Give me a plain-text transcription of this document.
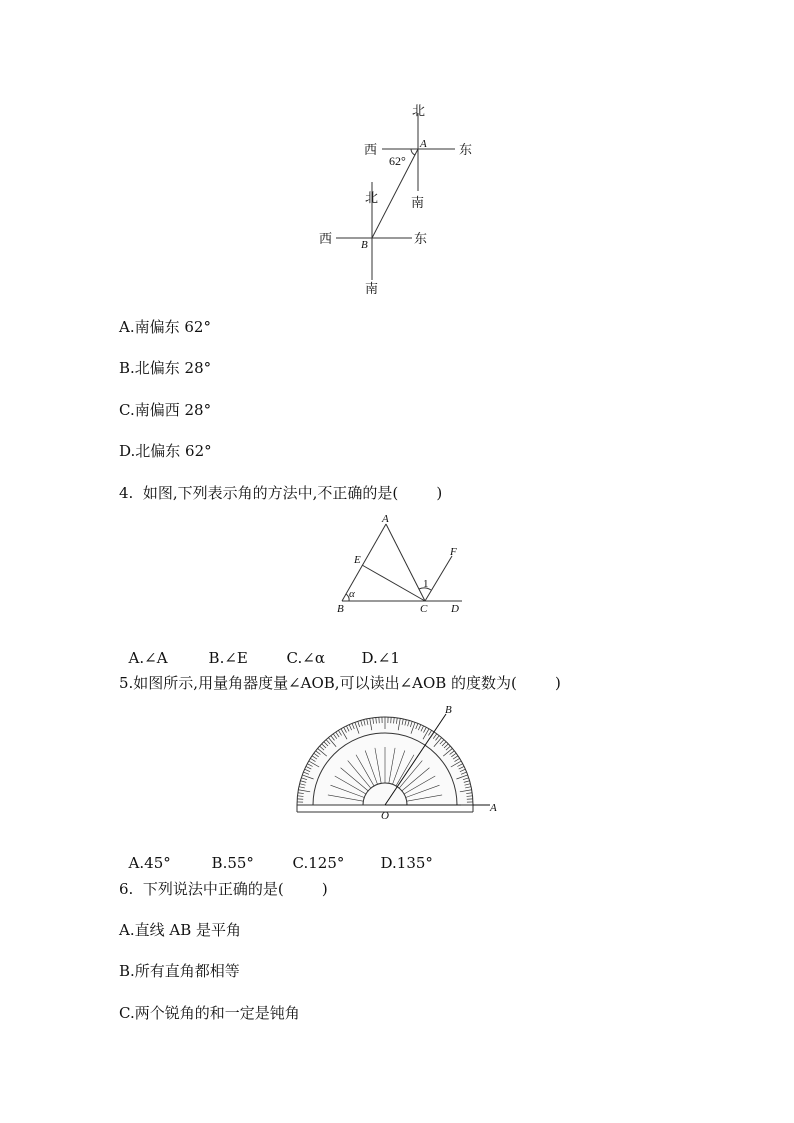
北
西	A 东
62°
南
北
西	B	东
南
A.南偏东 62°
B.北偏东 28°
C.南偏西 28°
D.北偏东 62°
4.  如图,下列表示角的方法中,不正确的是(        )
A
E
F
B	C D
α
1

A.∠A	B.∠E	C.∠α D.∠1

5.如图所示,用量角器度量∠AOB,可以读出∠AOB 的度数为(        )
O
A
B

A.45°	B.55°	C.125° D.135°

6.  下列说法中正确的是(        )
A.直线 AB 是平角
B.所有直角都相等
C.两个锐角的和一定是钝角
